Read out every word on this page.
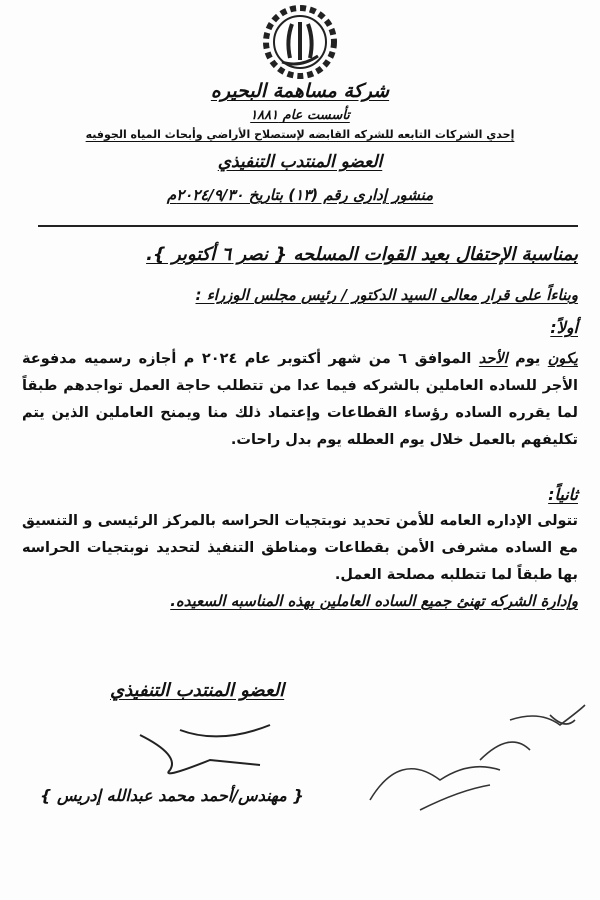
شركة مساهمة البحيره
تأسست عام ١٨٨١
إحدي الشركات التابعه للشركه القابضه لإستصلاح الأراضي وأبحاث المياه الجوفيه
العضو المنتدب التنفيذي
منشور إدارى رقم (١٣) بتاريخ ٢٠٢٤/٩/٣٠م
بمناسبة الإحتفال بعيد القوات المسلحه { نصر ٦ أكتوبر }.
وبناءاً على قرار معالى السيد الدكتور / رئيس مجلس الوزراء :
أولاً:
يكون يوم الأحد الموافق ٦ من شهر أكتوبر عام ٢٠٢٤ م أجازه رسميه مدفوعة الأجر للساده العاملين بالشركه فيما عدا من تتطلب حاجة العمل تواجدهم طبقاً لما يقرره الساده رؤساء القطاعات وإعتماد ذلك منا ويمنح العاملين الذين يتم تكليفهم بالعمل خلال يوم العطله يوم بدل راحات.
ثانياً:
تتولى الإداره العامه للأمن تحديد نوبتجيات الحراسه بالمركز الرئيسى و التنسيق مع الساده مشرفى الأمن بقطاعات ومناطق التنفيذ لتحديد نوبتجيات الحراسه بها طبقاً لما تتطلبه مصلحة العمل.
وإدارة الشركه تهنئ جميع الساده العاملين بهذه المناسبه السعيده.
العضو المنتدب التنفيذي
{ مهندس/أحمد محمد عبدالله إدريس }
